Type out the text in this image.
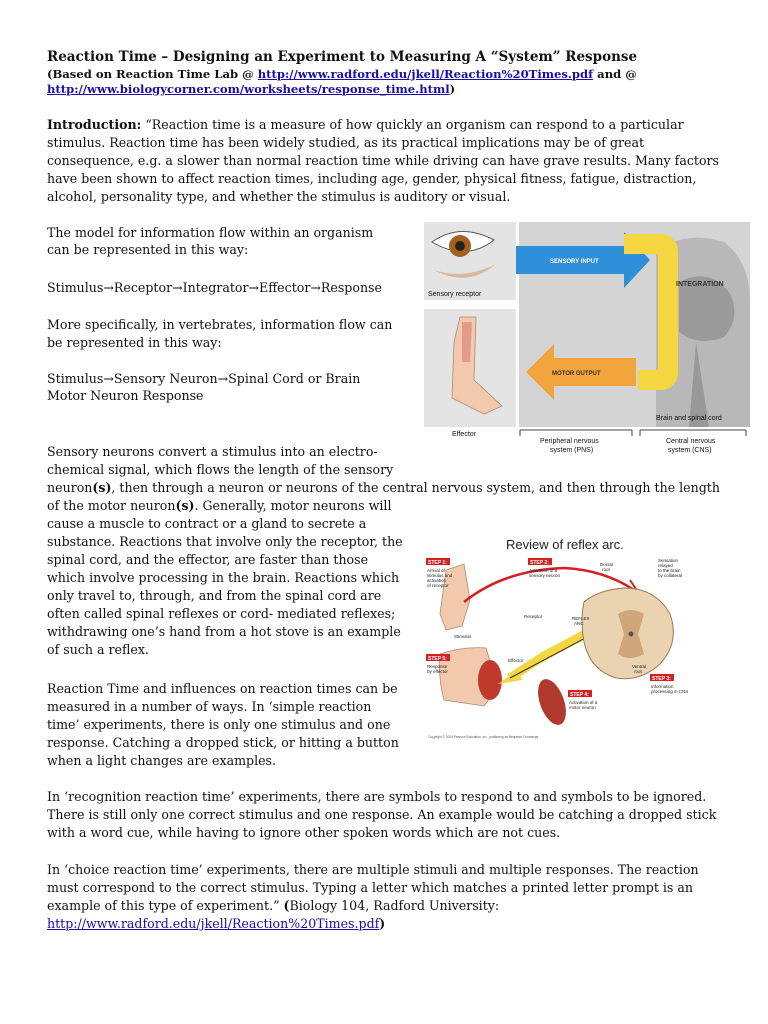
Reaction Time – Designing an Experiment to Measuring A “System” Response
(Based on Reaction Time Lab @ http://www.radford.edu/jkell/Reaction%20Times.pdf and @
http://www.biologycorner.com/worksheets/response_time.html)
Introduction: “Reaction time is a measure of how quickly an organism can respond to a particular
stimulus. Reaction time has been widely studied, as its practical implications may be of great
consequence, e.g. a slower than normal reaction time while driving can have grave results. Many factors
have been shown to affect reaction times, including age, gender, physical fitness, fatigue, distraction,
alcohol, personality type, and whether the stimulus is auditory or visual.
The model for information flow within an organism
can be represented in this way:
Stimulus→Receptor→Integrator→Effector→Response
More specifically, in vertebrates, information flow can
be represented in this way:
Stimulus→Sensory Neuron→Spinal Cord or Brain
Motor Neuron Response
SENSORY INPUT
INTEGRATION
MOTOR OUTPUT
Sensory receptor
Effector
Brain and spinal cord
Peripheral nervous
system (PNS)
Central nervous
system (CNS)
Sensory neurons convert a stimulus into an electro-
chemical signal, which flows the length of the sensory
neuron(s), then through a neuron or neurons of the central nervous system, and then through the length
of the motor neuron(s). Generally, motor neurons will
cause a muscle to contract or a gland to secrete a
substance. Reactions that involve only the receptor, the
spinal cord, and the effector, are faster than those
which involve processing in the brain. Reactions which
only travel to, through, and from the spinal cord are
often called spinal reflexes or cord- mediated reflexes;
withdrawing one’s hand from a hot stove is an example
of such a reflex.
Review of reflex arc.
STEP 1:
Arrival of
stimulus and
activation
of receptor
STEP 2:
Activation of a
sensory neuron
STEP 3:
Information
processing in CNS
STEP 4:
Activation of a
motor neuron
STEP 5:
Response
by effector
Dorsal
root
Sensation
relayed
to the brain
by collateral
Receptor
Stimulus
REFLEX
ARC
Effector
Ventral
root
Copyright © 2004 Pearson Education, Inc., publishing as Benjamin Cummings
Reaction Time and influences on reaction times can be
measured in a number of ways. In ‘simple reaction
time’ experiments, there is only one stimulus and one
response. Catching a dropped stick, or hitting a button
when a light changes are examples.
In ‘recognition reaction time’ experiments, there are symbols to respond to and symbols to be ignored.
There is still only one correct stimulus and one response. An example would be catching a dropped stick
with a word cue, while having to ignore other spoken words which are not cues.
In ‘choice reaction time’ experiments, there are multiple stimuli and multiple responses. The reaction
must correspond to the correct stimulus. Typing a letter which matches a printed letter prompt is an
example of this type of experiment.” (Biology 104, Radford University:
http://www.radford.edu/jkell/Reaction%20Times.pdf)
